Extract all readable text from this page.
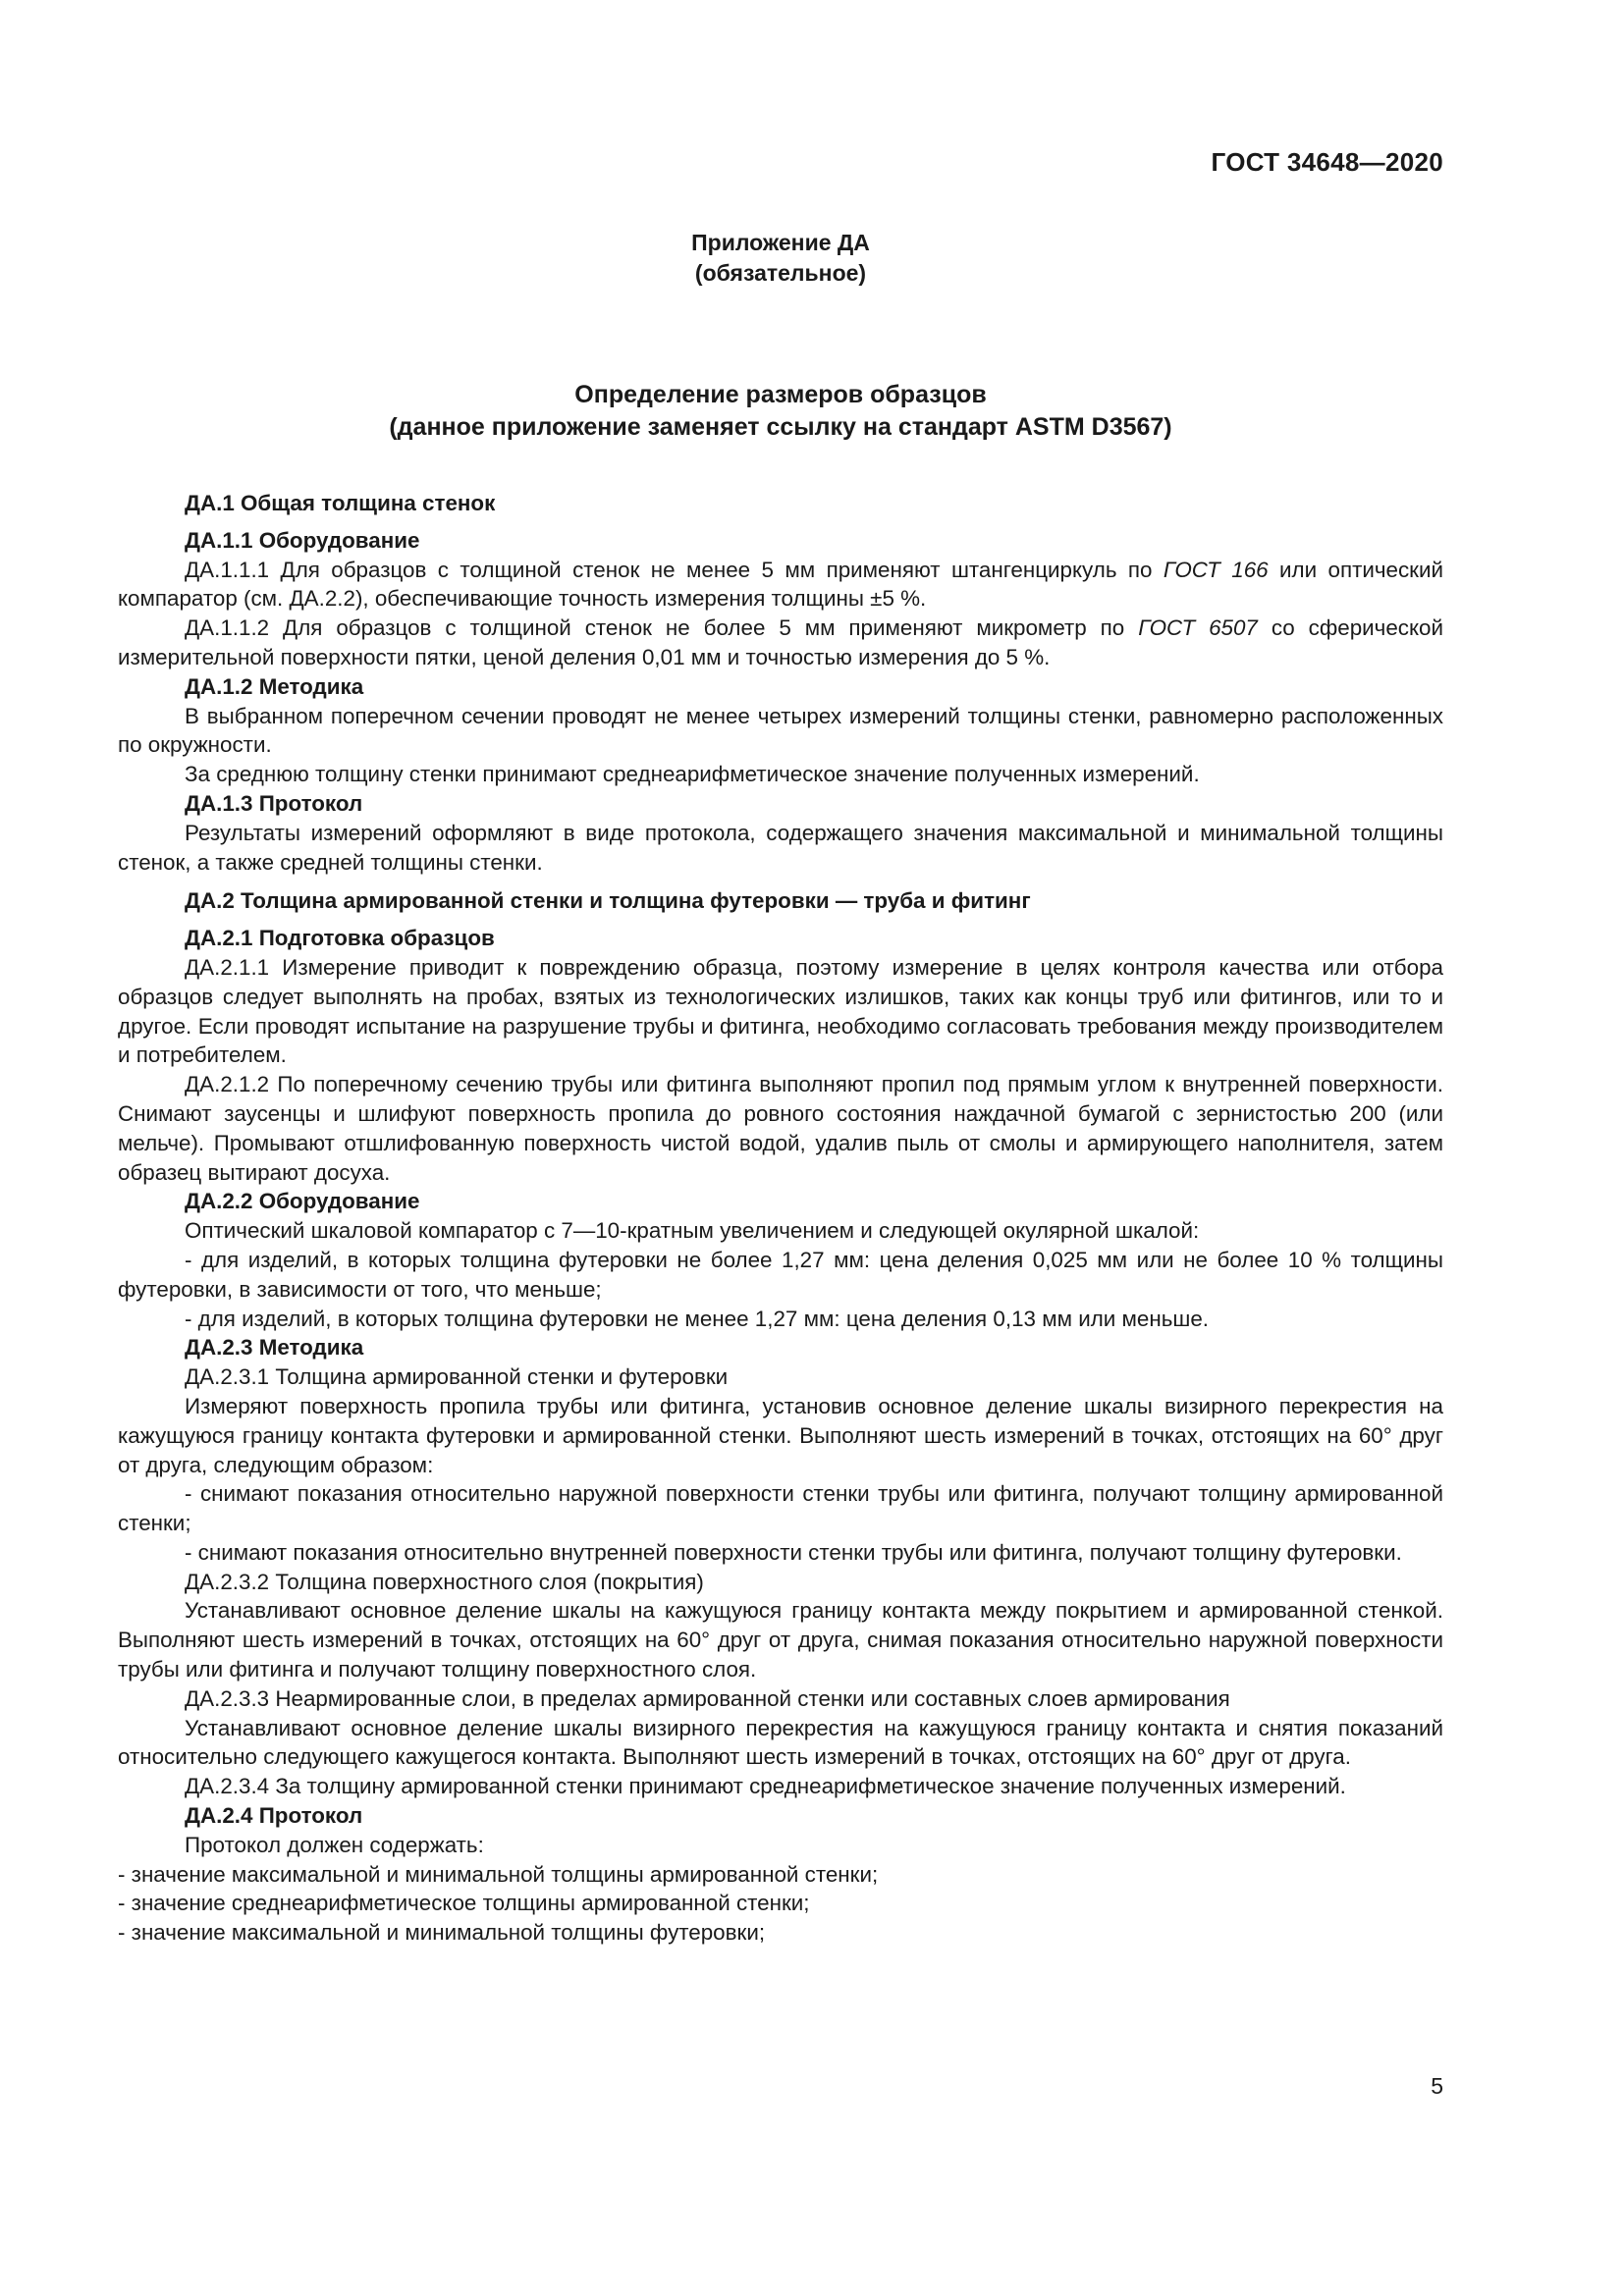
ГОСТ 34648—2020
Приложение ДА
(обязательное)
Определение размеров образцов
(данное приложение заменяет ссылку на стандарт ASTM D3567)
ДА.1 Общая толщина стенок
ДА.1.1 Оборудование

ДА.1.1.1 Для образцов с толщиной стенок не менее 5 мм применяют штангенциркуль по ГОСТ 166 или оптический компаратор (см. ДА.2.2), обеспечивающие точность измерения толщины ±5 %.

ДА.1.1.2 Для образцов с толщиной стенок не более 5 мм применяют микрометр по ГОСТ 6507 со сферической измерительной поверхности пятки, ценой деления 0,01 мм и точностью измерения до 5 %.

ДА.1.2 Методика

В выбранном поперечном сечении проводят не менее четырех измерений толщины стенки, равномерно расположенных по окружности.

За среднюю толщину стенки принимают среднеарифметическое значение полученных измерений.

ДА.1.3 Протокол

Результаты измерений оформляют в виде протокола, содержащего значения максимальной и минимальной толщины стенок, а также средней толщины стенки.

ДА.2 Толщина армированной стенки и толщина футеровки — труба и фитинг
ДА.2.1 Подготовка образцов

ДА.2.1.1 Измерение приводит к повреждению образца, поэтому измерение в целях контроля качества или отбора образцов следует выполнять на пробах, взятых из технологических излишков, таких как концы труб или фитингов, или то и другое. Если проводят испытание на разрушение трубы и фитинга, необходимо согласовать требования между производителем и потребителем.

ДА.2.1.2 По поперечному сечению трубы или фитинга выполняют пропил под прямым углом к внутренней поверхности. Снимают заусенцы и шлифуют поверхность пропила до ровного состояния наждачной бумагой с зернистостью 200 (или мельче). Промывают отшлифованную поверхность чистой водой, удалив пыль от смолы и армирующего наполнителя, затем образец вытирают досуха.

ДА.2.2 Оборудование

Оптический шкаловой компаратор с 7—10-кратным увеличением и следующей окулярной шкалой:

- для изделий, в которых толщина футеровки не более 1,27 мм: цена деления 0,025 мм или не более 10 % толщины футеровки, в зависимости от того, что меньше;

- для изделий, в которых толщина футеровки не менее 1,27 мм: цена деления 0,13 мм или меньше.

ДА.2.3 Методика

ДА.2.3.1 Толщина армированной стенки и футеровки

Измеряют поверхность пропила трубы или фитинга, установив основное деление шкалы визирного перекрестия на кажущуюся границу контакта футеровки и армированной стенки. Выполняют шесть измерений в точках, отстоящих на 60° друг от друга, следующим образом:

- снимают показания относительно наружной поверхности стенки трубы или фитинга, получают толщину армированной стенки;

- снимают показания относительно внутренней поверхности стенки трубы или фитинга, получают толщину футеровки.

ДА.2.3.2 Толщина поверхностного слоя (покрытия)

Устанавливают основное деление шкалы на кажущуюся границу контакта между покрытием и армированной стенкой. Выполняют шесть измерений в точках, отстоящих на 60° друг от друга, снимая показания относительно наружной поверхности трубы или фитинга и получают толщину поверхностного слоя.

ДА.2.3.3 Неармированные слои, в пределах армированной стенки или составных слоев армирования

Устанавливают основное деление шкалы визирного перекрестия на кажущуюся границу контакта и снятия показаний относительно следующего кажущегося контакта. Выполняют шесть измерений в точках, отстоящих на 60° друг от друга.

ДА.2.3.4 За толщину армированной стенки принимают среднеарифметическое значение полученных измерений.

ДА.2.4 Протокол

Протокол должен содержать:

- значение максимальной и минимальной толщины армированной стенки;

- значение среднеарифметическое толщины армированной стенки;

- значение максимальной и минимальной толщины футеровки;

5
